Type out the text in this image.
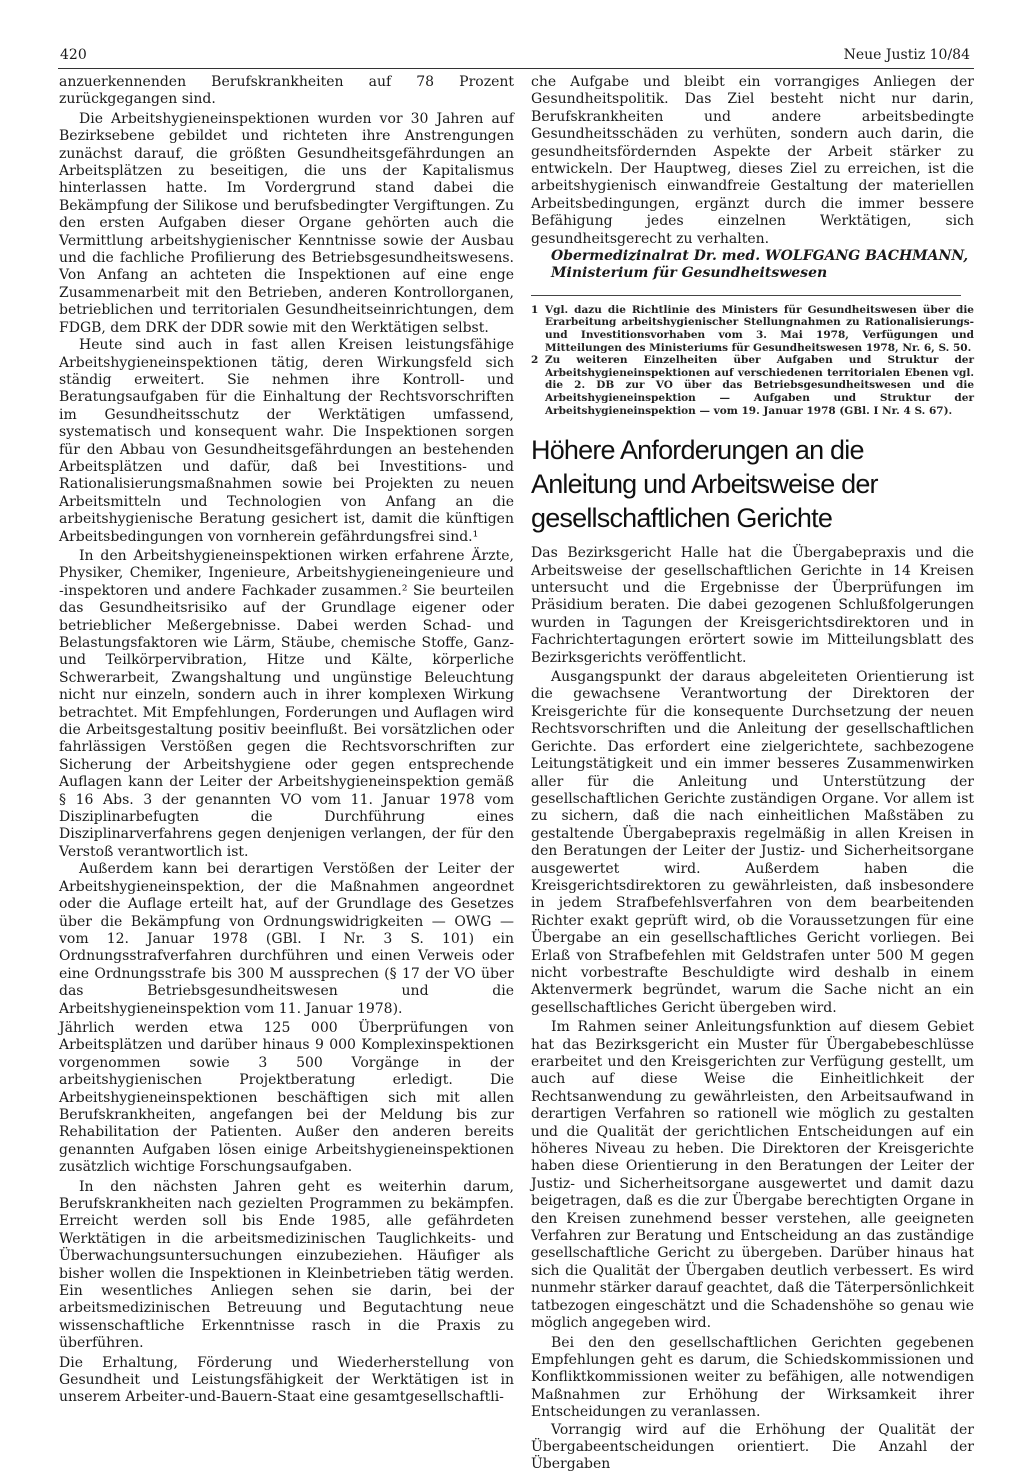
420	Neue Justiz 10/84

anzuerkennenden Berufskrankheiten auf 78 Prozent zurückgegangen sind.

Die Arbeitshygieneinspektionen wurden vor 30 Jahren auf Bezirksebene gebildet und richteten ihre Anstrengungen zunächst darauf, die größten Gesundheitsgefährdungen an Arbeitsplätzen zu beseitigen, die uns der Kapitalismus hinterlassen hatte. Im Vordergrund stand dabei die Bekämpfung der Silikose und berufsbedingter Vergiftungen. Zu den ersten Aufgaben dieser Organe gehörten auch die Vermittlung arbeitshygienischer Kenntnisse sowie der Ausbau und die fachliche Profilierung des Betriebsgesundheitswesens. Von Anfang an achteten die Inspektionen auf eine enge Zusammenarbeit mit den Betrieben, anderen Kontrollorganen, betrieblichen und territorialen Gesundheitseinrichtungen, dem FDGB, dem DRK der DDR sowie mit den Werktätigen selbst.

Heute sind auch in fast allen Kreisen leistungsfähige Arbeitshygieneinspektionen tätig, deren Wirkungsfeld sich ständig erweitert. Sie nehmen ihre Kontroll- und Beratungsaufgaben für die Einhaltung der Rechtsvorschriften im Gesundheitsschutz der Werktätigen umfassend, systematisch und konsequent wahr. Die Inspektionen sorgen für den Abbau von Gesundheitsgefährdungen an bestehenden Arbeitsplätzen und dafür, daß bei Investitions- und Rationalisierungsmaßnahmen sowie bei Projekten zu neuen Arbeitsmitteln und Technologien von Anfang an die arbeitshygienische Beratung gesichert ist, damit die künftigen Arbeitsbedingungen von vornherein gefährdungsfrei sind.¹

In den Arbeitshygieneinspektionen wirken erfahrene Ärzte, Physiker, Chemiker, Ingenieure, Arbeitshygieneingenieure und -inspektoren und andere Fachkader zusammen.² Sie beurteilen das Gesundheitsrisiko auf der Grundlage eigener oder betrieblicher Meßergebnisse. Dabei werden Schad- und Belastungsfaktoren wie Lärm, Stäube, chemische Stoffe, Ganz- und Teilkörpervibration, Hitze und Kälte, körperliche Schwerarbeit, Zwangshaltung und ungünstige Beleuchtung nicht nur einzeln, sondern auch in ihrer komplexen Wirkung betrachtet. Mit Empfehlungen, Forderungen und Auflagen wird die Arbeitsgestaltung positiv beeinflußt. Bei vorsätzlichen oder fahrlässigen Verstößen gegen die Rechtsvorschriften zur Sicherung der Arbeitshygiene oder gegen entsprechende Auflagen kann der Leiter der Arbeitshygieneinspektion gemäß § 16 Abs. 3 der genannten VO vom 11. Januar 1978 vom Disziplinarbefugten die Durchführung eines Disziplinarverfahrens gegen denjenigen verlangen, der für den Verstoß verantwortlich ist.

Außerdem kann bei derartigen Verstößen der Leiter der Arbeitshygieneinspektion, der die Maßnahmen angeordnet oder die Auflage erteilt hat, auf der Grundlage des Gesetzes über die Bekämpfung von Ordnungswidrigkeiten — OWG — vom 12. Januar 1978 (GBl. I Nr. 3 S. 101) ein Ordnungsstrafverfahren durchführen und einen Verweis oder eine Ordnungsstrafe bis 300 M aussprechen (§ 17 der VO über das Betriebsgesundheitswesen und die Arbeitshygieneinspektion vom 11. Januar 1978).

Jährlich werden etwa 125 000 Überprüfungen von Arbeitsplätzen und darüber hinaus 9 000 Komplexinspektionen vorgenommen sowie 3 500 Vorgänge in der arbeitshygienischen Projektberatung erledigt. Die Arbeitshygieneinspektionen beschäftigen sich mit allen Berufskrankheiten, angefangen bei der Meldung bis zur Rehabilitation der Patienten. Außer den anderen bereits genannten Aufgaben lösen einige Arbeitshygieneinspektionen zusätzlich wichtige Forschungsaufgaben.

In den nächsten Jahren geht es weiterhin darum, Berufskrankheiten nach gezielten Programmen zu bekämpfen. Erreicht werden soll bis Ende 1985, alle gefährdeten Werktätigen in die arbeitsmedizinischen Tauglichkeits- und Überwachungsuntersuchungen einzubeziehen. Häufiger als bisher wollen die Inspektionen in Kleinbetrieben tätig werden. Ein wesentliches Anliegen sehen sie darin, bei der arbeitsmedizinischen Betreuung und Begutachtung neue wissenschaftliche Erkenntnisse rasch in die Praxis zu überführen.

Die Erhaltung, Förderung und Wiederherstellung von Gesundheit und Leistungsfähigkeit der Werktätigen ist in unserem Arbeiter-und-Bauern-Staat eine gesamtgesellschaftli-

che Aufgabe und bleibt ein vorrangiges Anliegen der Gesundheitspolitik. Das Ziel besteht nicht nur darin, Berufskrankheiten und andere arbeitsbedingte Gesundheitsschäden zu verhüten, sondern auch darin, die gesundheitsfördernden Aspekte der Arbeit stärker zu entwickeln. Der Hauptweg, dieses Ziel zu erreichen, ist die arbeitshygienisch einwandfreie Gestaltung der materiellen Arbeitsbedingungen, ergänzt durch die immer bessere Befähigung jedes einzelnen Werktätigen, sich gesundheitsgerecht zu verhalten.

Obermedizinalrat Dr. med. WOLFGANG BACHMANN,

Ministerium für Gesundheitswesen

1 Vgl. dazu die Richtlinie des Ministers für Gesundheitswesen über die Erarbeitung arbeitshygienischer Stellungnahmen zu Rationalisierungs- und Investitionsvorhaben vom 3. Mai 1978, Verfügungen und Mitteilungen des Ministeriums für Gesundheitswesen 1978, Nr. 6, S. 50.
2 Zu weiteren Einzelheiten über Aufgaben und Struktur der Arbeitshygieneinspektionen auf verschiedenen territorialen Ebenen vgl. die 2. DB zur VO über das Betriebsgesundheitswesen und die Arbeitshygieneinspektion — Aufgaben und Struktur der Arbeitshygieneinspektion — vom 19. Januar 1978 (GBl. I Nr. 4 S. 67).
Höhere Anforderungen an die Anleitung und Arbeitsweise der gesellschaftlichen Gerichte

Das Bezirksgericht Halle hat die Übergabepraxis und die Arbeitsweise der gesellschaftlichen Gerichte in 14 Kreisen untersucht und die Ergebnisse der Überprüfungen im Präsidium beraten. Die dabei gezogenen Schlußfolgerungen wurden in Tagungen der Kreisgerichtsdirektoren und in Fachrichtertagungen erörtert sowie im Mitteilungsblatt des Bezirksgerichts veröffentlicht.

Ausgangspunkt der daraus abgeleiteten Orientierung ist die gewachsene Verantwortung der Direktoren der Kreisgerichte für die konsequente Durchsetzung der neuen Rechtsvorschriften und die Anleitung der gesellschaftlichen Gerichte. Das erfordert eine zielgerichtete, sachbezogene Leitungstätigkeit und ein immer besseres Zusammenwirken aller für die Anleitung und Unterstützung der gesellschaftlichen Gerichte zuständigen Organe. Vor allem ist zu sichern, daß die nach einheitlichen Maßstäben zu gestaltende Übergabepraxis regelmäßig in allen Kreisen in den Beratungen der Leiter der Justiz- und Sicherheitsorgane ausgewertet wird. Außerdem haben die Kreisgerichtsdirektoren zu gewährleisten, daß insbesondere in jedem Strafbefehlsverfahren von dem bearbeitenden Richter exakt geprüft wird, ob die Voraussetzungen für eine Übergabe an ein gesellschaftliches Gericht vorliegen. Bei Erlaß von Strafbefehlen mit Geldstrafen unter 500 M gegen nicht vorbestrafte Beschuldigte wird deshalb in einem Aktenvermerk begründet, warum die Sache nicht an ein gesellschaftliches Gericht übergeben wird.

Im Rahmen seiner Anleitungsfunktion auf diesem Gebiet hat das Bezirksgericht ein Muster für Übergabebeschlüsse erarbeitet und den Kreisgerichten zur Verfügung gestellt, um auch auf diese Weise die Einheitlichkeit der Rechtsanwendung zu gewährleisten, den Arbeitsaufwand in derartigen Verfahren so rationell wie möglich zu gestalten und die Qualität der gerichtlichen Entscheidungen auf ein höheres Niveau zu heben. Die Direktoren der Kreisgerichte haben diese Orientierung in den Beratungen der Leiter der Justiz- und Sicherheitsorgane ausgewertet und damit dazu beigetragen, daß es die zur Übergabe berechtigten Organe in den Kreisen zunehmend besser verstehen, alle geeigneten Verfahren zur Beratung und Entscheidung an das zuständige gesellschaftliche Gericht zu übergeben. Darüber hinaus hat sich die Qualität der Übergaben deutlich verbessert. Es wird nunmehr stärker darauf geachtet, daß die Täterpersönlichkeit tatbezogen eingeschätzt und die Schadenshöhe so genau wie möglich angegeben wird.

Bei den den gesellschaftlichen Gerichten gegebenen Empfehlungen geht es darum, die Schiedskommissionen und Konfliktkommissionen weiter zu befähigen, alle notwendigen Maßnahmen zur Erhöhung der Wirksamkeit ihrer Entscheidungen zu veranlassen.

Vorrangig wird auf die Erhöhung der Qualität der Übergabeentscheidungen orientiert. Die Anzahl der Übergaben
